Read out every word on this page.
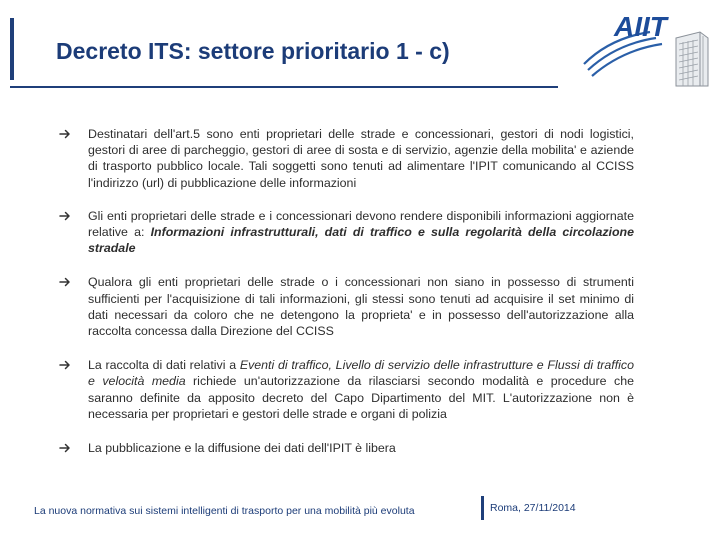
Decreto ITS: settore prioritario 1 - c)
AIIT
Destinatari dell'art.5 sono enti proprietari delle strade e concessionari, gestori di nodi logistici, gestori di aree di parcheggio, gestori di aree di sosta e di servizio, agenzie della mobilita' e aziende di trasporto pubblico locale. Tali soggetti sono tenuti ad alimentare l'IPIT comunicando al CCISS l'indirizzo (url) di pubblicazione delle informazioni
Gli enti proprietari delle strade e i concessionari devono rendere disponibili informazioni aggiornate relative a: Informazioni infrastrutturali, dati di traffico e sulla regolarità della circolazione stradale
Qualora gli enti proprietari delle strade o i concessionari non siano in possesso di strumenti sufficienti per l'acquisizione di tali informazioni, gli stessi sono tenuti ad acquisire il set minimo di dati necessari da coloro che ne detengono la proprieta' e in possesso dell'autorizzazione alla raccolta concessa dalla Direzione del CCISS
La raccolta di dati relativi a Eventi di traffico, Livello di servizio delle infrastrutture e Flussi di traffico e velocità media richiede un'autorizzazione da rilasciarsi secondo modalità e procedure che saranno definite da apposito decreto del Capo Dipartimento del MIT. L'autorizzazione non è necessaria per proprietari e gestori delle strade e organi di polizia
La pubblicazione e la diffusione dei dati dell'IPIT è libera
La nuova normativa sui sistemi intelligenti di trasporto per una mobilità più evoluta	Roma, 27/11/2014
